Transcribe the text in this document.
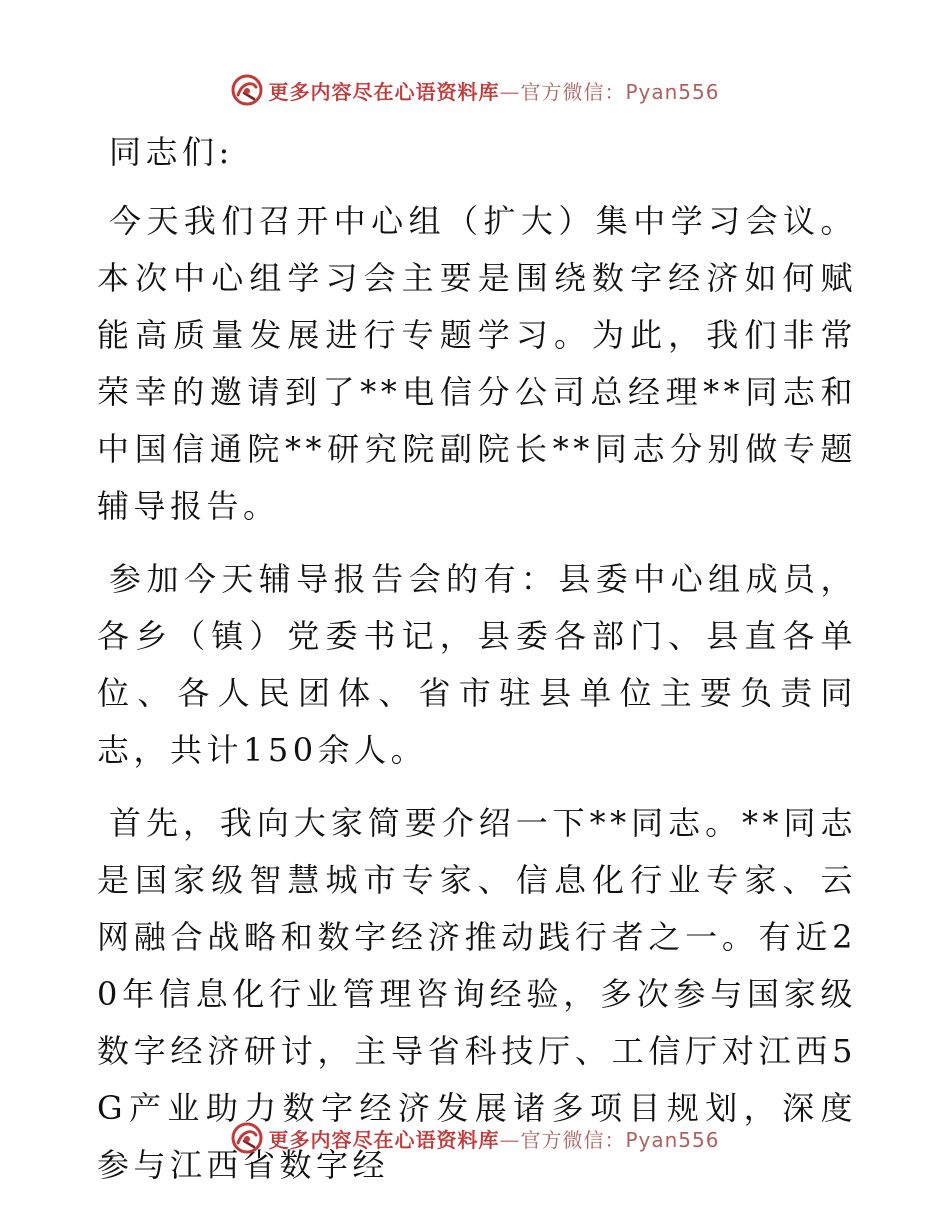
更多内容尽在心语资料库—官方微信：Pyan556

同志们:

今天我们召开中心组（扩大）集中学习会议。本次中心组学习会主要是围绕数字经济如何赋能高质量发展进行专题学习。为此，我们非常荣幸的邀请到了**电信分公司总经理**同志和中国信通院**研究院副院长**同志分别做专题辅导报告。

参加今天辅导报告会的有：县委中心组成员，各乡（镇）党委书记，县委各部门、县直各单位、各人民团体、省市驻县单位主要负责同志，共计150余人。

首先，我向大家简要介绍一下**同志。**同志是国家级智慧城市专家、信息化行业专家、云网融合战略和数字经济推动践行者之一。有近20年信息化行业管理咨询经验，多次参与国家级数字经济研讨，主导省科技厅、工信厅对江西5G产业助力数字经济发展诸多项目规划，深度参与江西省数字经

更多内容尽在心语资料库—官方微信：Pyan556
